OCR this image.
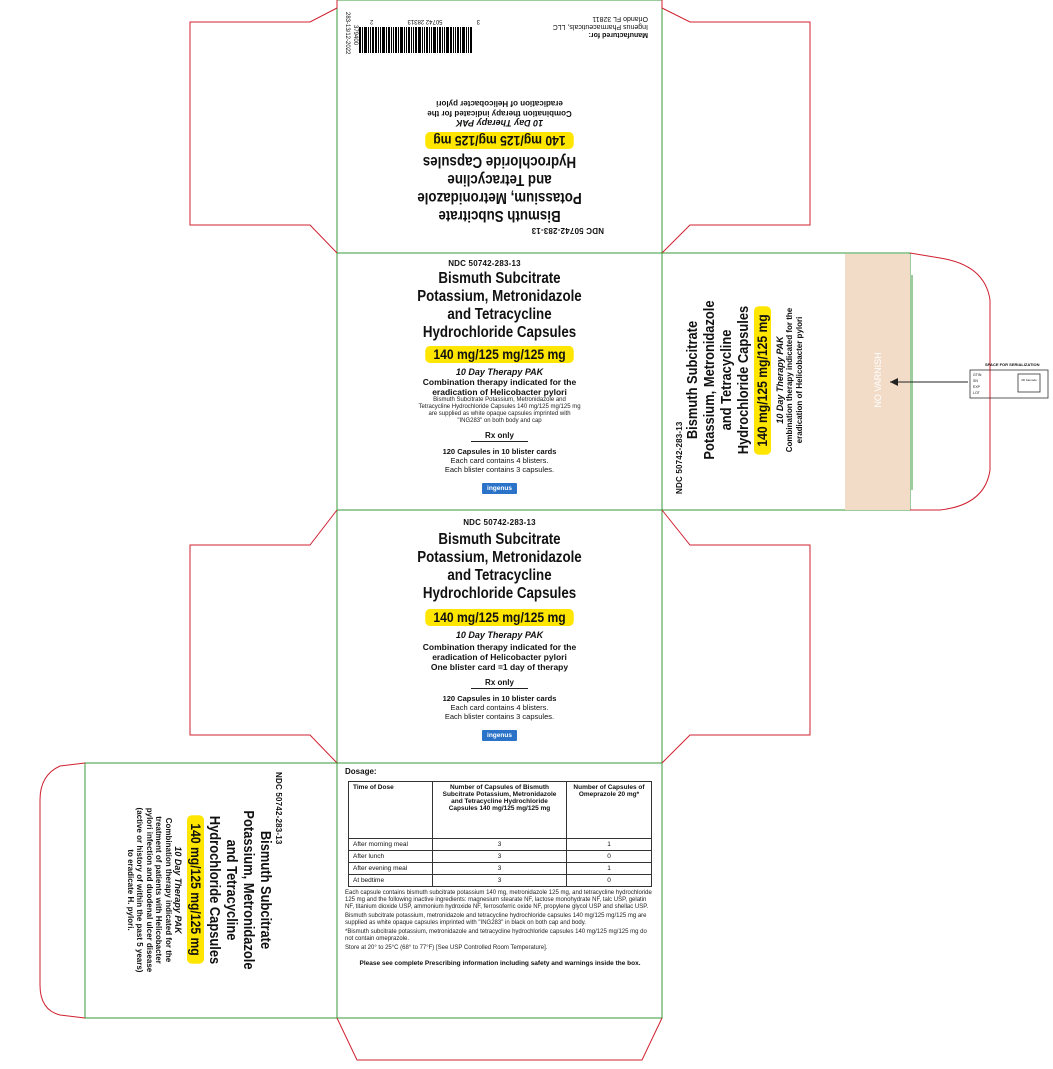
NDC 50742-283-13
Bismuth Subcitrate
Potassium, Metronidazole
and Tetracycline
Hydrochloride Capsules
140 mg/125 mg/125 mg
10 Day Therapy PAK
Combination therapy indicated for the
eradication of Helicobacter pylori
Manufactured for:
Ingenus Pharmaceuticals, LLC
Orlando FL 32811
3
50742 28313
2
283-13/12-2022 379400
NDC 50742-283-13
Bismuth Subcitrate
Potassium, Metronidazole
and Tetracycline
Hydrochloride Capsules
140 mg/125 mg/125 mg
10 Day Therapy PAK
Combination therapy indicated for the
eradication of Helicobacter pylori
Bismuth Subcitrate Potassium, Metronidazole and
Tetracycline Hydrochloride Capsules 140 mg/125 mg/125 mg
are supplied as white opaque capsules imprinted with
"ING283" on both body and cap
Rx only
120 Capsules in 10 blister cards
Each card contains 4 blisters.
Each blister contains 3 capsules.
ingenus
NDC 50742-283-13
Bismuth Subcitrate
Potassium, Metronidazole
and Tetracycline
Hydrochloride Capsules
140 mg/125 mg/125 mg
10 Day Therapy PAK
Combination therapy indicated for the
eradication of Helicobacter pylori
One blister card =1 day of therapy
Rx only
120 Capsules in 10 blister cards
Each card contains 4 blisters.
Each blister contains 3 capsules.
ingenus
NDC 50742-283-13
Bismuth Subcitrate Potassium, Metronidazole and Tetracycline Hydrochloride Capsules 140 mg/125 mg/125 mg 10 Day Therapy PAK Combination therapy indicated for the eradication of Helicobacter pylori	NO VARNISH	SPACE FOR SERIALIZATION
GTIN
SN
EXP
LOT
2D barcode
NDC 50742-283-13
Bismuth Subcitrate
Potassium, Metronidazole
and Tetracycline
Hydrochloride Capsules
140 mg/125 mg/125 mg
10 Day Therapy PAK
Combination therapy indicated for the
treatment of patients with Helicobacter
pylori infection and duodenal ulcer disease
(active or history of within the past 5 years)
to eradicate H. pylori.
Dosage:
Time of Dose	Number of Capsules of Bismuth Subcitrate Potassium, Metronidazole and Tetracycline Hydrochloride Capsules 140 mg/125 mg/125 mg	Number of Capsules of Omeprazole 20 mg*
After morning meal	3	1
After lunch	3	0
After evening meal	3	1
At bedtime	3	0
Each capsule contains bismuth subcitrate potassium 140 mg, metronidazole 125 mg, and tetracycline hydrochloride 125 mg and the following inactive ingredients: magnesium stearate NF, lactose monohydrate NF, talc USP, gelatin NF, titanium dioxide USP, ammonium hydroxide NF, ferrosoferric oxide NF, propylene glycol USP and shellac USP.
Bismuth subcitrate potassium, metronidazole and tetracycline hydrochloride capsules 140 mg/125 mg/125 mg are supplied as white opaque capsules imprinted with "ING283" in black on both cap and body.
*Bismuth subcitrate potassium, metronidazole and tetracycline hydrochloride capsules 140 mg/125 mg/125 mg do not contain omeprazole.
Store at 20° to 25°C (68° to 77°F) [See USP Controlled Room Temperature].
Please see complete Prescribing information including safety and warnings inside the box.
